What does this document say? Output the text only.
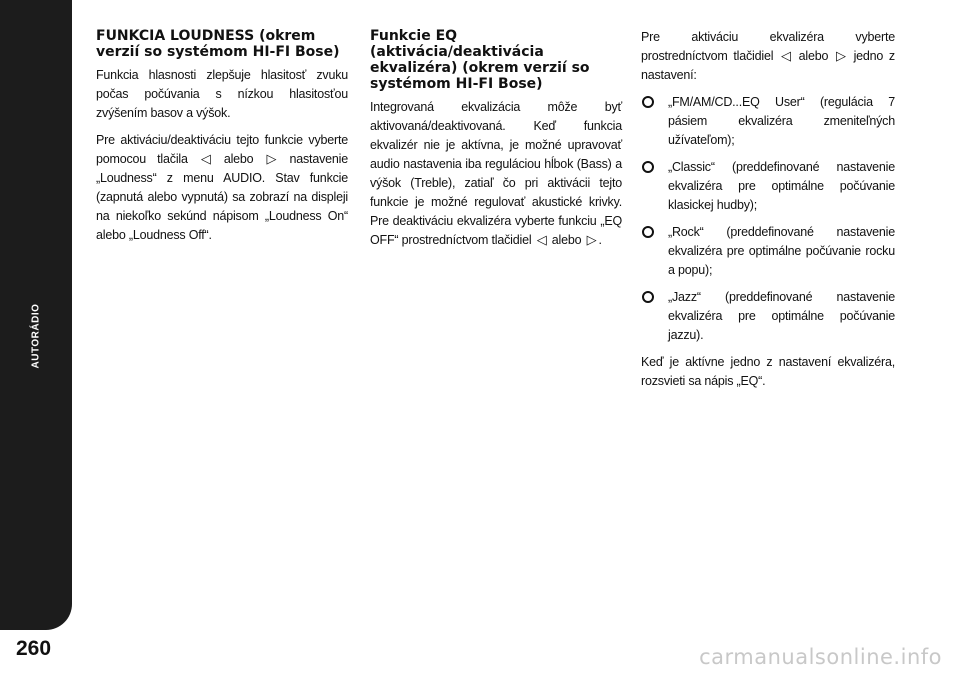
AUTORÁDIO
260
FUNKCIA LOUDNESS (okrem verzií so systémom HI-FI Bose)

Funkcia hlasnosti zlepšuje hlasitosť zvuku počas počúvania s nízkou hlasitosťou zvýšením basov a výšok.

Pre aktiváciu/deaktiváciu tejto funkcie vyberte pomocou tlačila ◁ alebo ▷ nastavenie „Loudness“ z menu AUDIO. Stav funkcie (zapnutá alebo vypnutá) sa zobrazí na displeji na niekoľko sekúnd nápisom „Loudness On“ alebo „Loudness Off“.

Funkcie EQ (aktivácia/deaktivácia ekvalizéra) (okrem verzií so systémom HI-FI Bose)

Integrovaná ekvalizácia môže byť aktivovaná/deaktivovaná. Keď funkcia ekvalizér nie je aktívna, je možné upravovať audio nastavenia iba reguláciou hĺbok (Bass) a výšok (Treble), zatiaľ čo pri aktivácii tejto funkcie je možné regulovať akustické krivky. Pre deaktiváciu ekvalizéra vyberte funkciu „EQ OFF“ prostredníctvom tlačidiel ◁ alebo ▷ .

Pre aktiváciu ekvalizéra vyberte prostredníctvom tlačidiel ◁ alebo ▷ jedno z nastavení:

„FM/AM/CD...EQ User“ (regulácia 7 pásiem ekvalizéra zmeniteľných užívateľom);
„Classic“ (preddefinované nastavenie ekvalizéra pre optimálne počúvanie klasickej hudby);
„Rock“ (preddefinované nastavenie ekvalizéra pre optimálne počúvanie rocku a popu);
„Jazz“ (preddefinované nastavenie ekvalizéra pre optimálne počúvanie jazzu).

Keď je aktívne jedno z nastavení ekvalizéra, rozsvieti sa nápis „EQ“.

carmanualsonline.info
